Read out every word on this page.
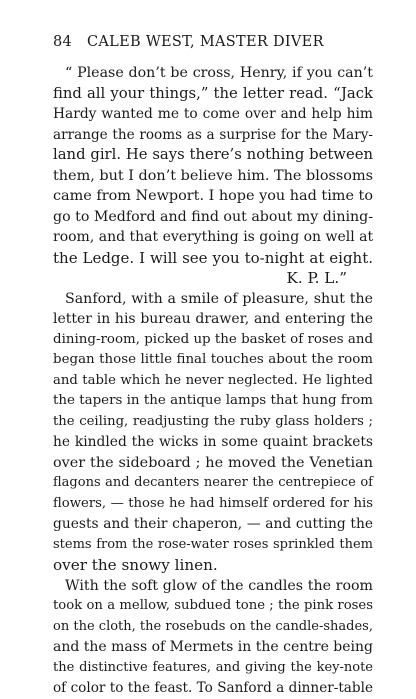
84	CALEB WEST, MASTER DIVER
“ Please don’t be cross, Henry, if you can’t
find all your things,” the letter read. “Jack
Hardy wanted me to come over and help him
arrange the rooms as a surprise for the Mary-
land girl. He says there’s nothing between
them, but I don’t believe him. The blossoms
came from Newport. I hope you had time to
go to Medford and find out about my dining-
room, and that everything is going on well at
the Ledge. I will see you to-night at eight.
K. P. L.”
Sanford, with a smile of pleasure, shut the
letter in his bureau drawer, and entering the
dining-room, picked up the basket of roses and
began those little final touches about the room
and table which he never neglected. He lighted
the tapers in the antique lamps that hung from
the ceiling, readjusting the ruby glass holders ;
he kindled the wicks in some quaint brackets
over the sideboard ; he moved the Venetian
flagons and decanters nearer the centrepiece of
flowers, — those he had himself ordered for his
guests and their chaperon, — and cutting the
stems from the rose-water roses sprinkled them
over the snowy linen.
With the soft glow of the candles the room
took on a mellow, subdued tone ; the pink roses
on the cloth, the rosebuds on the candle-shades,
and the mass of Mermets in the centre being
the distinctive features, and giving the key-note
of color to the feast. To Sanford a dinner-table
